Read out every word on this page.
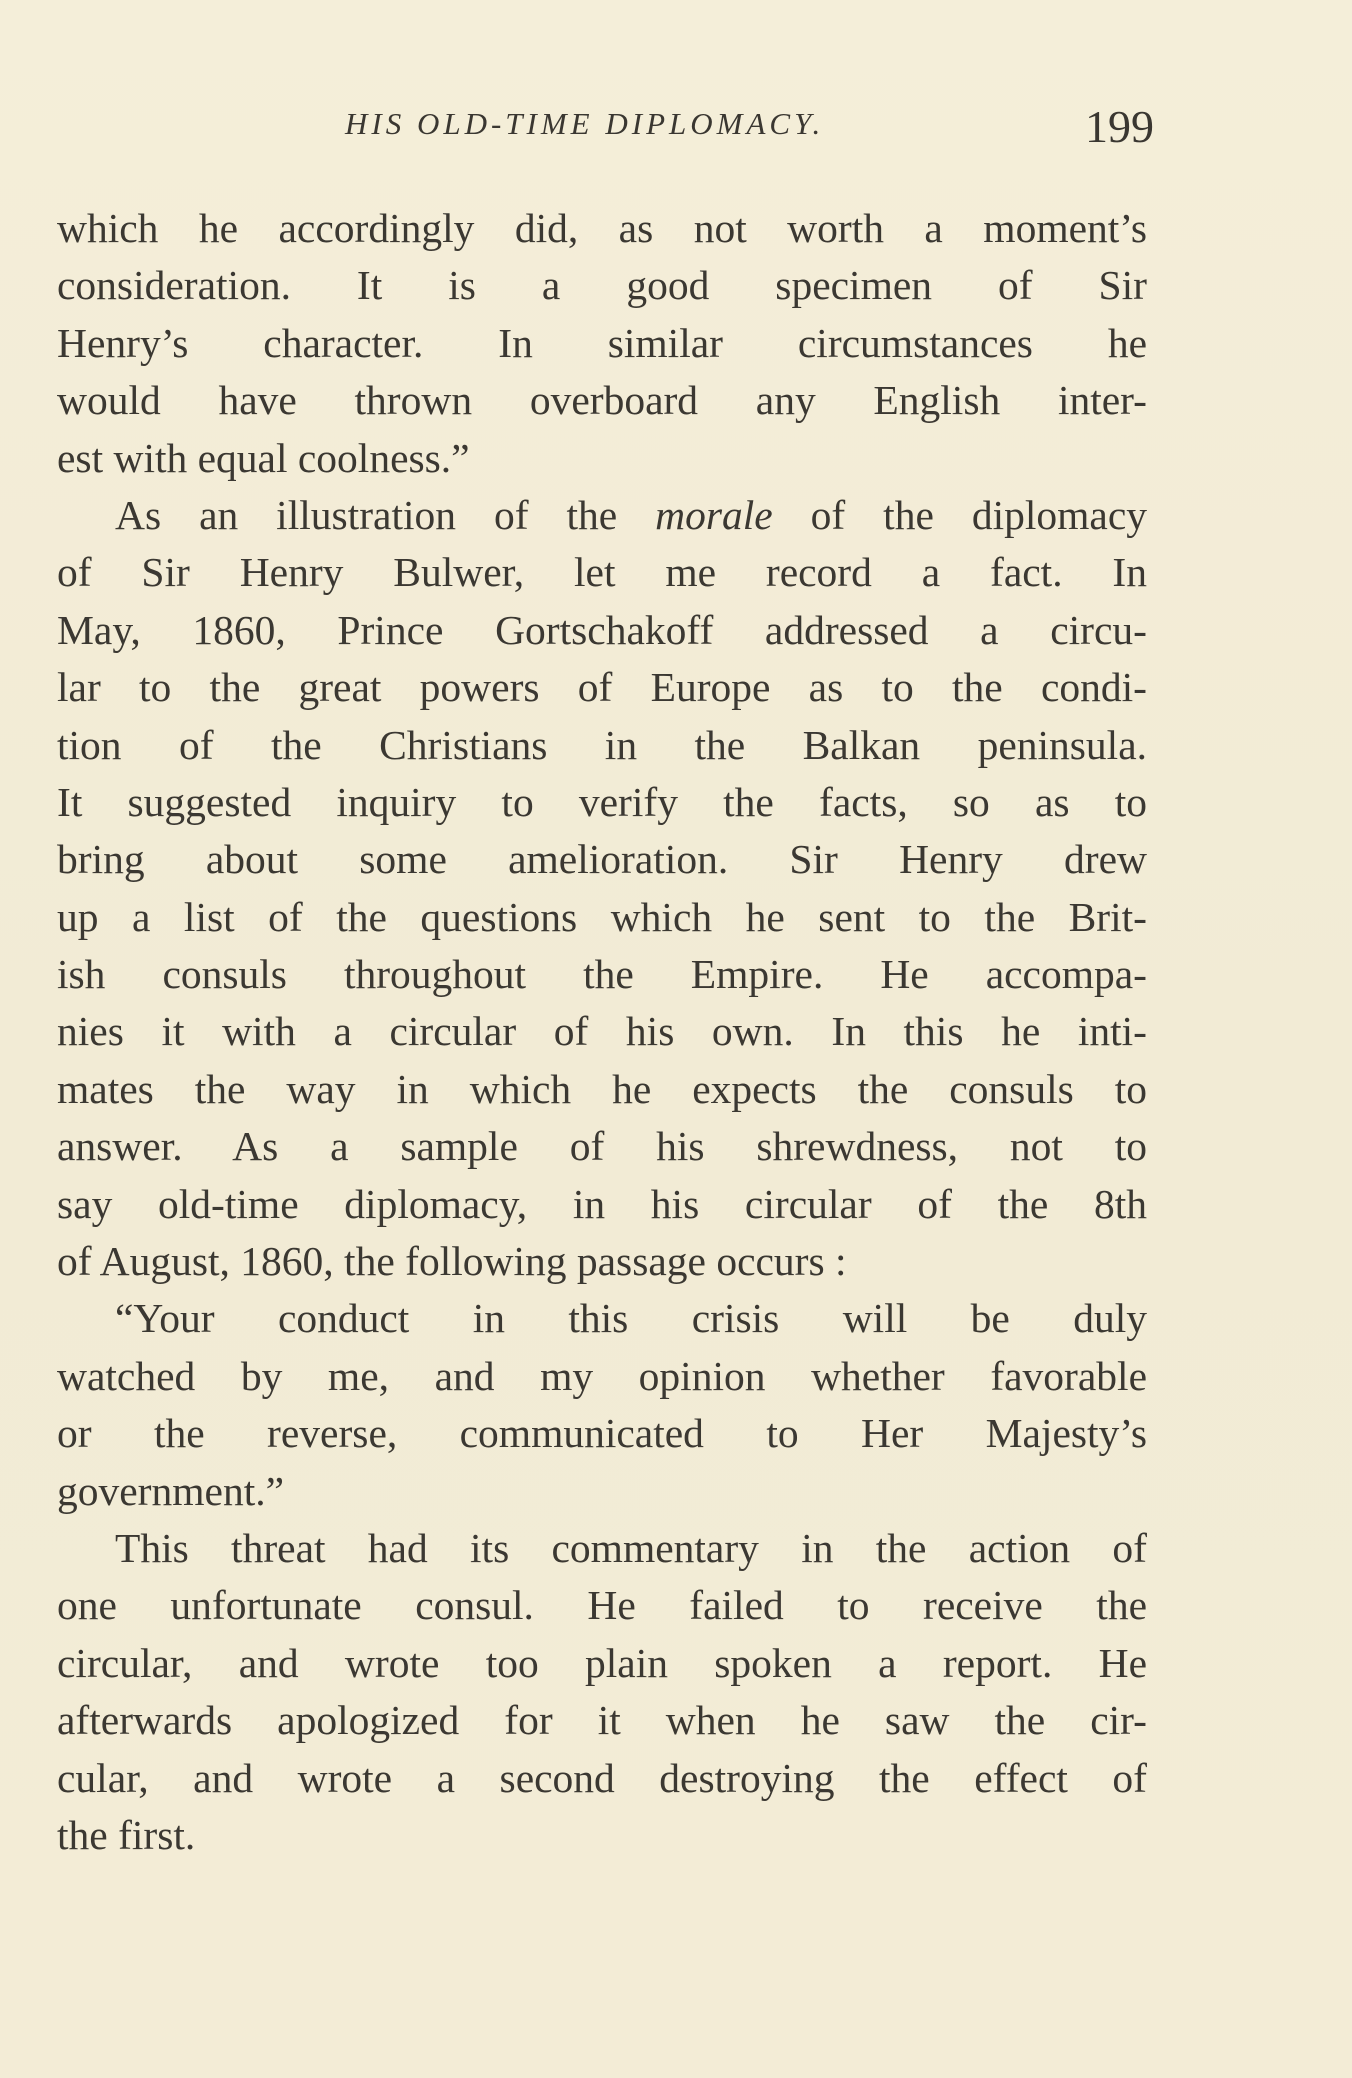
HIS OLD-TIME DIPLOMACY.	199
which he accordingly did, as not worth a moment’s
consideration. It is a good specimen of Sir
Henry’s character. In similar circumstances he
would have thrown overboard any English inter-
est with equal coolness.”
As an illustration of the morale of the diplomacy
of Sir Henry Bulwer, let me record a fact. In
May, 1860, Prince Gortschakoff addressed a circu-
lar to the great powers of Europe as to the condi-
tion of the Christians in the Balkan peninsula.
It suggested inquiry to verify the facts, so as to
bring about some amelioration. Sir Henry drew
up a list of the questions which he sent to the Brit-
ish consuls throughout the Empire. He accompa-
nies it with a circular of his own. In this he inti-
mates the way in which he expects the consuls to
answer. As a sample of his shrewdness, not to
say old-time diplomacy, in his circular of the 8th
of August, 1860, the following passage occurs :
“Your conduct in this crisis will be duly
watched by me, and my opinion whether favorable
or the reverse, communicated to Her Majesty’s
government.”
This threat had its commentary in the action of
one unfortunate consul. He failed to receive the
circular, and wrote too plain spoken a report. He
afterwards apologized for it when he saw the cir-
cular, and wrote a second destroying the effect of
the first.
